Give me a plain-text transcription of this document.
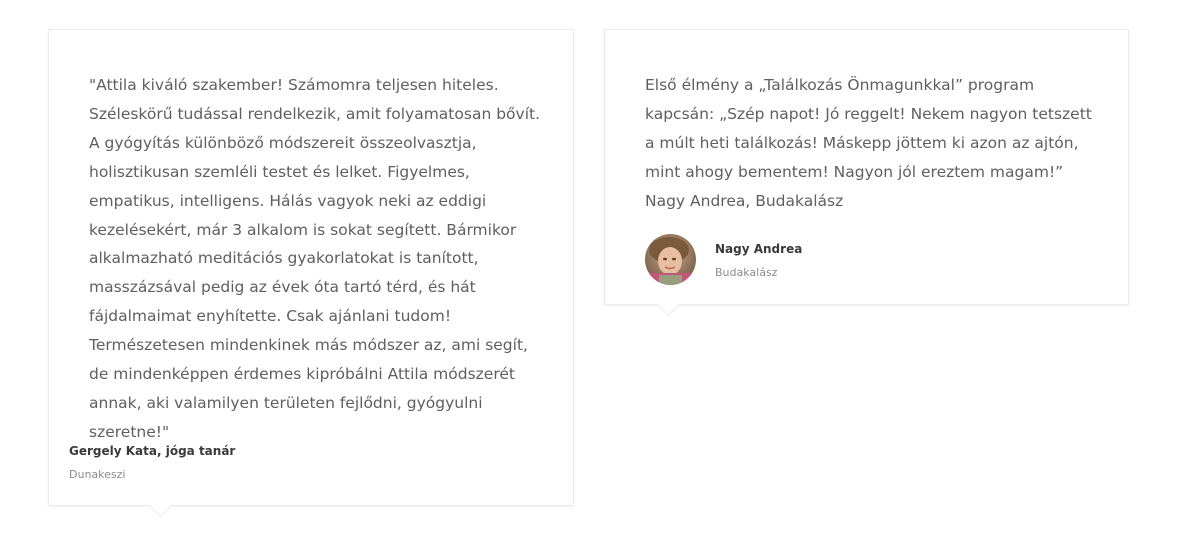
"Attila kiváló szakember! Számomra teljesen hiteles. Széleskörű tudással rendelkezik, amit folyamatosan bővít. A gyógyítás különböző módszereit összeolvasztja, holisztikusan szemléli testet és lelket. Figyelmes, empatikus, intelligens. Hálás vagyok neki az eddigi kezelésekért, már 3 alkalom is sokat segített. Bármikor alkalmazható meditációs gyakorlatokat is tanított, masszázsával pedig az évek óta tartó térd, és hát fájdalmaimat enyhítette. Csak ajánlani tudom! Természetesen mindenkinek más módszer az, ami segít, de mindenképpen érdemes kipróbálni Attila módszerét annak, aki valamilyen területen fejlődni, gyógyulni szeretne!"

Gergely Kata, jóga tanár
Dunakeszi

Első élmény a „Találkozás Önmagunkkal” program kapcsán: „Szép napot! Jó reggelt! Nekem nagyon tetszett a múlt heti találkozás! Máskepp jöttem ki azon az ajtón, mint ahogy bementem! Nagyon jól ereztem magam!” Nagy Andrea, Budakalász

Nagy Andrea
Budakalász
